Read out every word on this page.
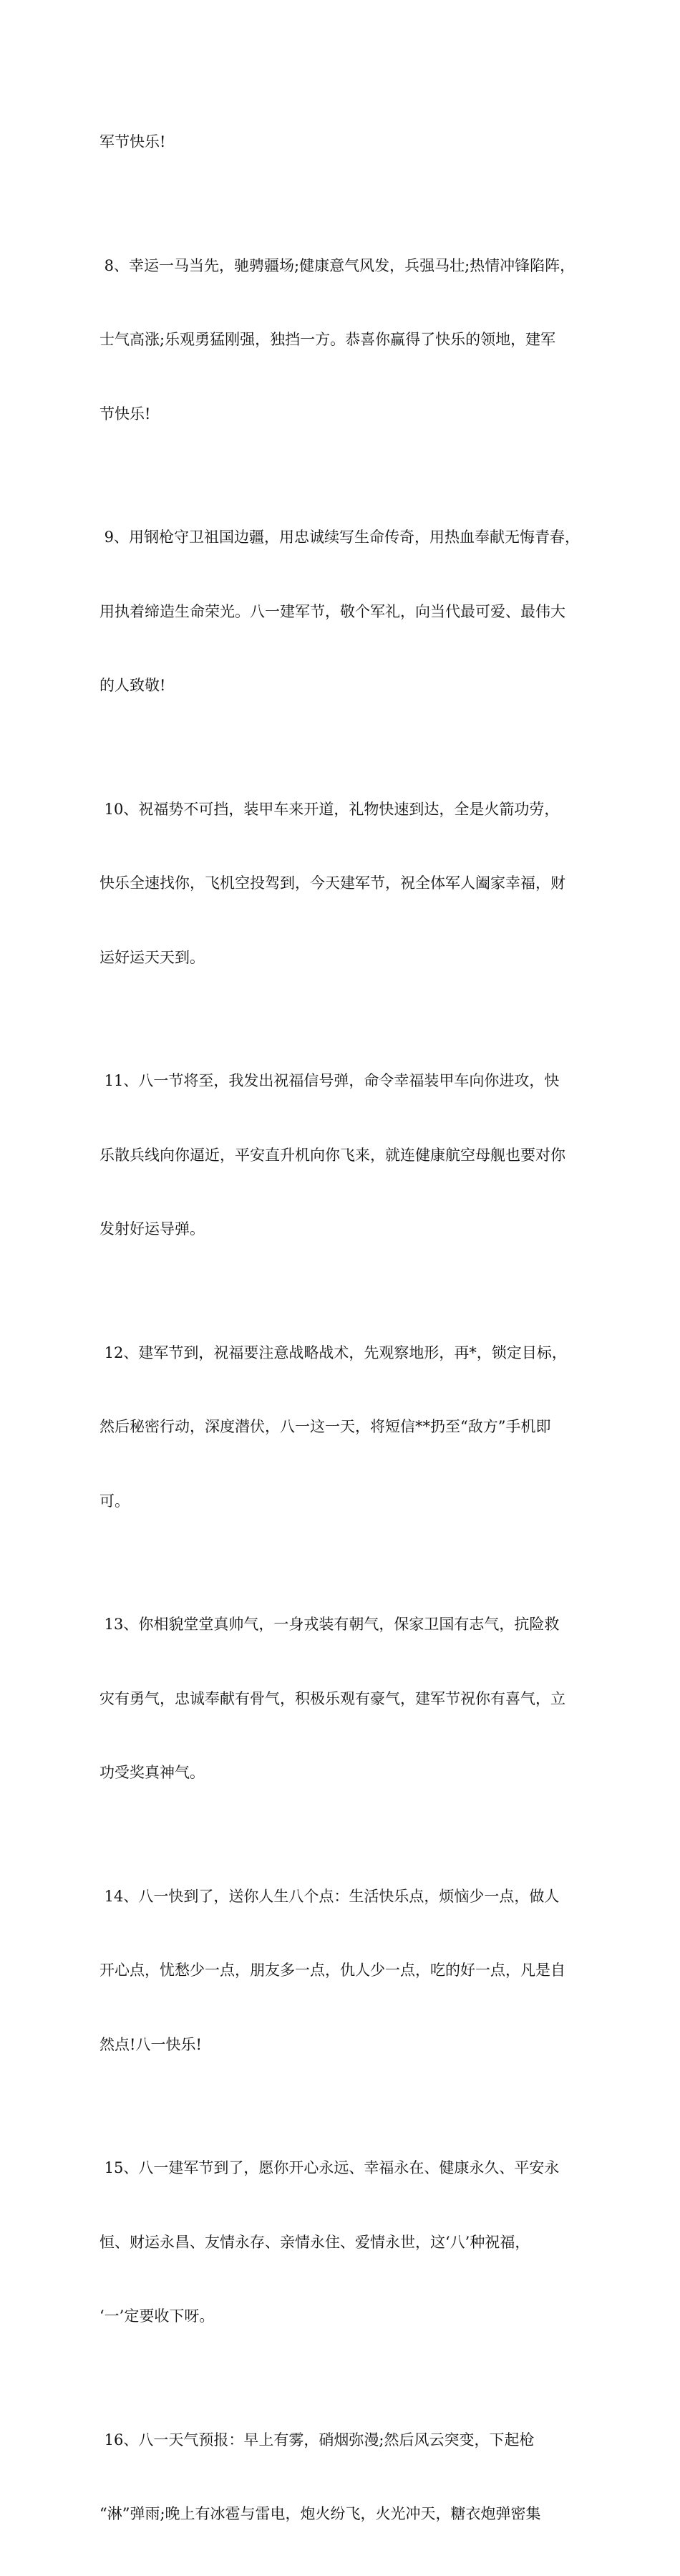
军节快乐!

8、幸运一马当先，驰骋疆场;健康意气风发，兵强马壮;热情冲锋陷阵，

士气高涨;乐观勇猛刚强，独挡一方。恭喜你赢得了快乐的领地，建军

节快乐!

9、用钢枪守卫祖国边疆，用忠诚续写生命传奇，用热血奉献无悔青春，

用执着缔造生命荣光。八一建军节，敬个军礼，向当代最可爱、最伟大

的人致敬!

10、祝福势不可挡，装甲车来开道，礼物快速到达，全是火箭功劳，

快乐全速找你，飞机空投驾到，今天建军节，祝全体军人阖家幸福，财

运好运天天到。

11、八一节将至，我发出祝福信号弹，命令幸福装甲车向你进攻，快

乐散兵线向你逼近，平安直升机向你飞来，就连健康航空母舰也要对你

发射好运导弹。

12、建军节到，祝福要注意战略战术，先观察地形，再*，锁定目标，

然后秘密行动，深度潜伏，八一这一天，将短信**扔至“敌方”手机即

可。

13、你相貌堂堂真帅气，一身戎装有朝气，保家卫国有志气，抗险救

灾有勇气，忠诚奉献有骨气，积极乐观有豪气，建军节祝你有喜气，立

功受奖真神气。

14、八一快到了，送你人生八个点：生活快乐点，烦恼少一点，做人

开心点，忧愁少一点，朋友多一点，仇人少一点，吃的好一点，凡是自

然点!八一快乐!

15、八一建军节到了，愿你开心永远、幸福永在、健康永久、平安永

恒、财运永昌、友情永存、亲情永住、爱情永世，这‘八’种祝福，

‘一’定要收下呀。

16、八一天气预报：早上有雾，硝烟弥漫;然后风云突变，下起枪

“淋”弹雨;晚上有冰雹与雷电，炮火纷飞，火光冲天，糖衣炮弹密集
